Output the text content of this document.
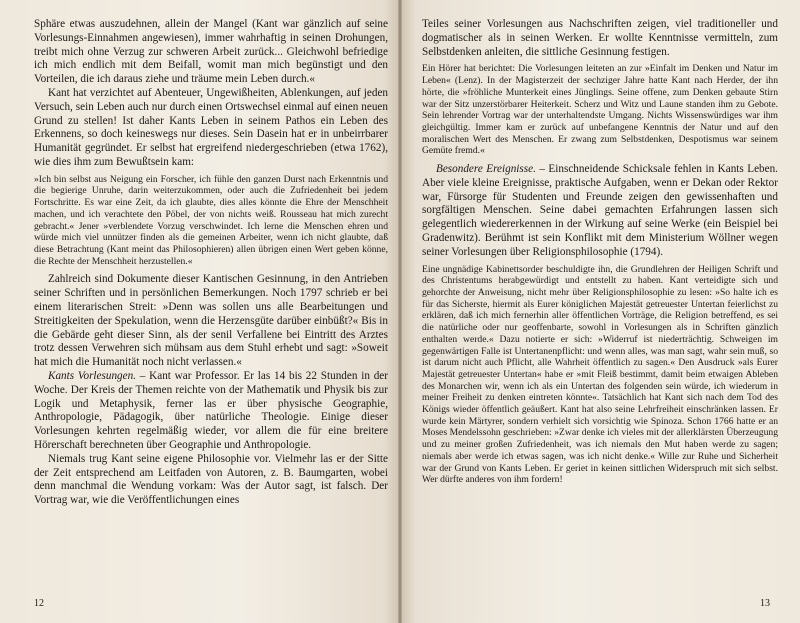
Sphäre etwas auszudehnen, allein der Mangel (Kant war gänzlich auf seine Vorlesungs-Einnahmen angewiesen), immer wahrhaftig in seinen Drohungen, treibt mich ohne Verzug zur schweren Arbeit zurück... Gleichwohl befriedige ich mich endlich mit dem Beifall, womit man mich begünstigt und den Vorteilen, die ich daraus ziehe und träume mein Leben durch.«

Kant hat verzichtet auf Abenteuer, Ungewißheiten, Ablenkungen, auf jeden Versuch, sein Leben auch nur durch einen Ortswechsel einmal auf einen neuen Grund zu stellen! Ist daher Kants Leben in seinem Pathos ein Leben des Erkennens, so doch keineswegs nur dieses. Sein Dasein hat er in unbeirrbarer Humanität gegründet. Er selbst hat ergreifend niedergeschrieben (etwa 1762), wie dies ihm zum Bewußtsein kam:

»Ich bin selbst aus Neigung ein Forscher, ich fühle den ganzen Durst nach Erkenntnis und die begierige Unruhe, darin weiterzukommen, oder auch die Zufriedenheit bei jedem Fortschritte. Es war eine Zeit, da ich glaubte, dies alles könnte die Ehre der Menschheit machen, und ich verachtete den Pöbel, der von nichts weiß. Rousseau hat mich zurecht gebracht.« Jener »verblendete Vorzug verschwindet. Ich lerne die Menschen ehren und würde mich viel unnützer finden als die gemeinen Arbeiter, wenn ich nicht glaubte, daß diese Betrachtung (Kant meint das Philosophieren) allen übrigen einen Wert geben könne, die Rechte der Menschheit herzustellen.«

Zahlreich sind Dokumente dieser Kantischen Gesinnung, in den Antrieben seiner Schriften und in persönlichen Bemerkungen. Noch 1797 schrieb er bei einem literarischen Streit: »Denn was sollen uns alle Bearbeitungen und Streitigkeiten der Spekulation, wenn die Herzensgüte darüber einbüßt?« Bis in die Gebärde geht dieser Sinn, als der senil Verfallene bei Eintritt des Arztes trotz dessen Verwehren sich mühsam aus dem Stuhl erhebt und sagt: »Soweit hat mich die Humanität noch nicht verlassen.«

Kants Vorlesungen. – Kant war Professor. Er las 14 bis 22 Stunden in der Woche. Der Kreis der Themen reichte von der Mathematik und Physik bis zur Logik und Metaphysik, ferner las er über physische Geographie, Anthropologie, Pädagogik, über natürliche Theologie. Einige dieser Vorlesungen kehrten regelmäßig wieder, vor allem die für eine breitere Hörerschaft berechneten über Geographie und Anthropologie.

Niemals trug Kant seine eigene Philosophie vor. Vielmehr las er der Sitte der Zeit entsprechend am Leitfaden von Autoren, z. B. Baumgarten, wobei denn manchmal die Wendung vorkam: Was der Autor sagt, ist falsch. Der Vortrag war, wie die Veröffentlichungen eines

12

Teiles seiner Vorlesungen aus Nachschriften zeigen, viel traditioneller und dogmatischer als in seinen Werken. Er wollte Kenntnisse vermitteln, zum Selbstdenken anleiten, die sittliche Gesinnung festigen.

Ein Hörer hat berichtet: Die Vorlesungen leiteten an zur »Einfalt im Denken und Natur im Leben« (Lenz). In der Magisterzeit der sechziger Jahre hatte Kant nach Herder, der ihn hörte, die »fröhliche Munterkeit eines Jünglings. Seine offene, zum Denken gebaute Stirn war der Sitz unzerstörbarer Heiterkeit. Scherz und Witz und Laune standen ihm zu Gebote. Sein lehrender Vortrag war der unterhaltendste Umgang. Nichts Wissenswürdiges war ihm gleichgültig. Immer kam er zurück auf unbefangene Kenntnis der Natur und auf den moralischen Wert des Menschen. Er zwang zum Selbstdenken, Despotismus war seinem Gemüte fremd.«

Besondere Ereignisse. – Einschneidende Schicksale fehlen in Kants Leben. Aber viele kleine Ereignisse, praktische Aufgaben, wenn er Dekan oder Rektor war, Fürsorge für Studenten und Freunde zeigen den gewissenhaften und sorgfältigen Menschen. Seine dabei gemachten Erfahrungen lassen sich gelegentlich wiedererkennen in der Wirkung auf seine Werke (ein Beispiel bei Gradenwitz). Berühmt ist sein Konflikt mit dem Ministerium Wöllner wegen seiner Vorlesungen über Religionsphilosophie (1794).

Eine ungnädige Kabinettsorder beschuldigte ihn, die Grundlehren der Heiligen Schrift und des Christentums herabgewürdigt und entstellt zu haben. Kant verteidigte sich und gehorchte der Anweisung, nicht mehr über Religionsphilosophie zu lesen: »So halte ich es für das Sicherste, hiermit als Eurer königlichen Majestät getreuester Untertan feierlichst zu erklären, daß ich mich fernerhin aller öffentlichen Vorträge, die Religion betreffend, es sei die natürliche oder nur geoffenbarte, sowohl in Vorlesungen als in Schriften gänzlich enthalten werde.« Dazu notierte er sich: »Widerruf ist niederträchtig. Schweigen im gegenwärtigen Falle ist Untertanenpflicht: und wenn alles, was man sagt, wahr sein muß, so ist darum nicht auch Pflicht, alle Wahrheit öffentlich zu sagen.« Den Ausdruck »als Eurer Majestät getreuester Untertan« habe er »mit Fleiß bestimmt, damit beim etwaigen Ableben des Monarchen wir, wenn ich als ein Untertan des folgenden sein würde, ich wiederum in meiner Freiheit zu denken eintreten könnte«. Tatsächlich hat Kant sich nach dem Tod des Königs wieder öffentlich geäußert. Kant hat also seine Lehrfreiheit einschränken lassen. Er wurde kein Märtyrer, sondern verhielt sich vorsichtig wie Spinoza. Schon 1766 hatte er an Moses Mendelssohn geschrieben: »Zwar denke ich vieles mit der allerklärsten Überzeugung und zu meiner großen Zufriedenheit, was ich niemals den Mut haben werde zu sagen; niemals aber werde ich etwas sagen, was ich nicht denke.« Wille zur Ruhe und Sicherheit war der Grund von Kants Leben. Er geriet in keinen sittlichen Widerspruch mit sich selbst. Wer dürfte anderes von ihm fordern!

13
